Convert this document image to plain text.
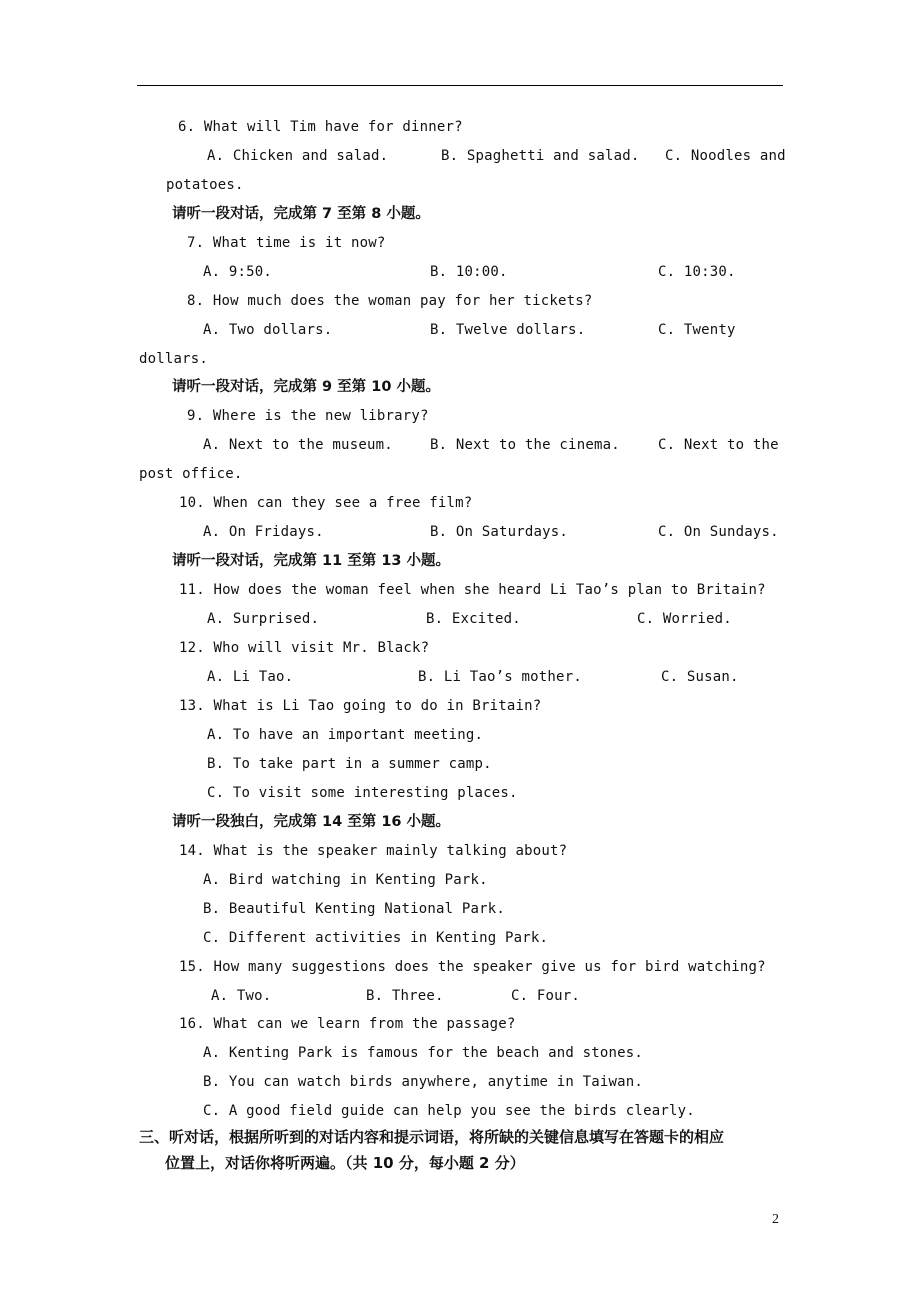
6. What will Tim have for dinner?
A. Chicken and salad.	B. Spaghetti and salad. C. Noodles and
potatoes.
请听一段对话，完成第 7 至第 8 小题。
7. What time is it now?
A. 9:50.	B. 10:00.	C. 10:30.
8. How much does the woman pay for her tickets?
A. Two dollars.	B. Twelve dollars.	C. Twenty
dollars.
请听一段对话，完成第 9 至第 10 小题。
9. Where is the new library?
A. Next to the museum.	B. Next to the cinema.	C. Next to the
post office.
10. When can they see a free film?
A. On Fridays.	B. On Saturdays.	C. On Sundays.
请听一段对话，完成第 11 至第 13 小题。
11. How does the woman feel when she heard Li Tao’s plan to Britain?
A. Surprised.	B. Excited.	C. Worried.
12. Who will visit Mr. Black?
A. Li Tao.	B. Li Tao’s mother.	C. Susan.
13. What is Li Tao going to do in Britain?
A. To have an important meeting.
B. To take part in a summer camp.
C. To visit some interesting places.
请听一段独白，完成第 14 至第 16 小题。
14. What is the speaker mainly talking about?
A. Bird watching in Kenting Park.
B. Beautiful Kenting National Park.
C. Different activities in Kenting Park.
15. How many suggestions does the speaker give us for bird watching?
A. Two.	B. Three.	C. Four.
16. What can we learn from the passage?
A. Kenting Park is famous for the beach and stones.
B. You can watch birds anywhere, anytime in Taiwan.
C. A good field guide can help you see the birds clearly.
三、听对话，根据所听到的对话内容和提示词语，将所缺的关键信息填写在答题卡的相应
位置上，对话你将听两遍。（共 10 分，每小题 2 分）
2
